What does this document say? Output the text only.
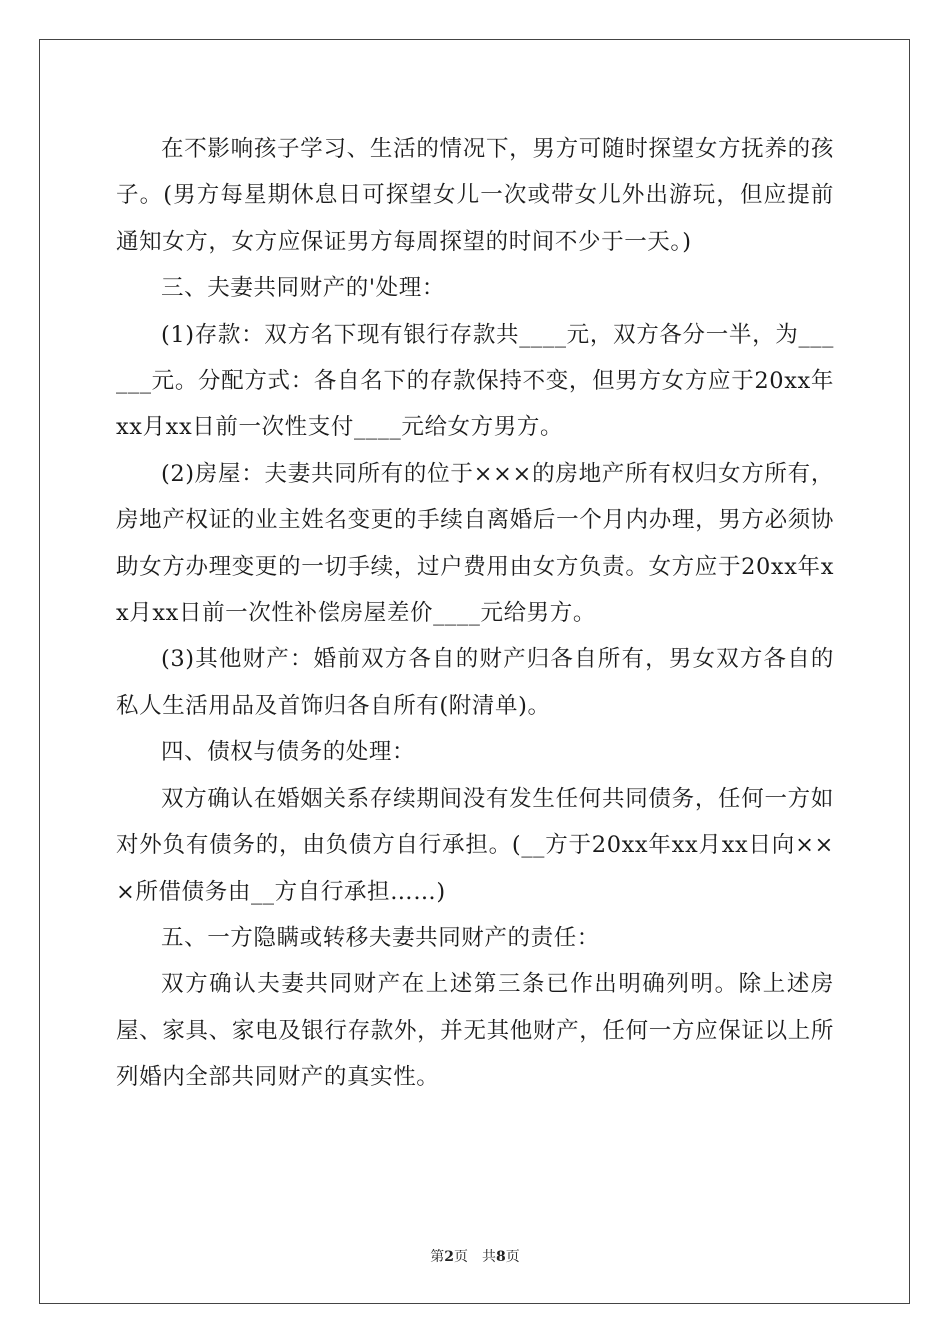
在不影响孩子学习、生活的情况下，男方可随时探望女方抚养的孩子。(男方每星期休息日可探望女儿一次或带女儿外出游玩，但应提前通知女方，女方应保证男方每周探望的时间不少于一天。)

三、夫妻共同财产的'处理：

(1)存款：双方名下现有银行存款共____元，双方各分一半，为______元。分配方式：各自名下的存款保持不变，但男方女方应于20xx年xx月xx日前一次性支付____元给女方男方。

(2)房屋：夫妻共同所有的位于×××的房地产所有权归女方所有，房地产权证的业主姓名变更的手续自离婚后一个月内办理，男方必须协助女方办理变更的一切手续，过户费用由女方负责。女方应于20xx年xx月xx日前一次性补偿房屋差价____元给男方。

(3)其他财产：婚前双方各自的财产归各自所有，男女双方各自的私人生活用品及首饰归各自所有(附清单)。

四、债权与债务的处理：

双方确认在婚姻关系存续期间没有发生任何共同债务，任何一方如对外负有债务的，由负债方自行承担。(__方于20xx年xx月xx日向×××所借债务由__方自行承担……)

五、一方隐瞒或转移夫妻共同财产的责任：

双方确认夫妻共同财产在上述第三条已作出明确列明。除上述房屋、家具、家电及银行存款外，并无其他财产，任何一方应保证以上所列婚内全部共同财产的真实性。

第2页 共8页
